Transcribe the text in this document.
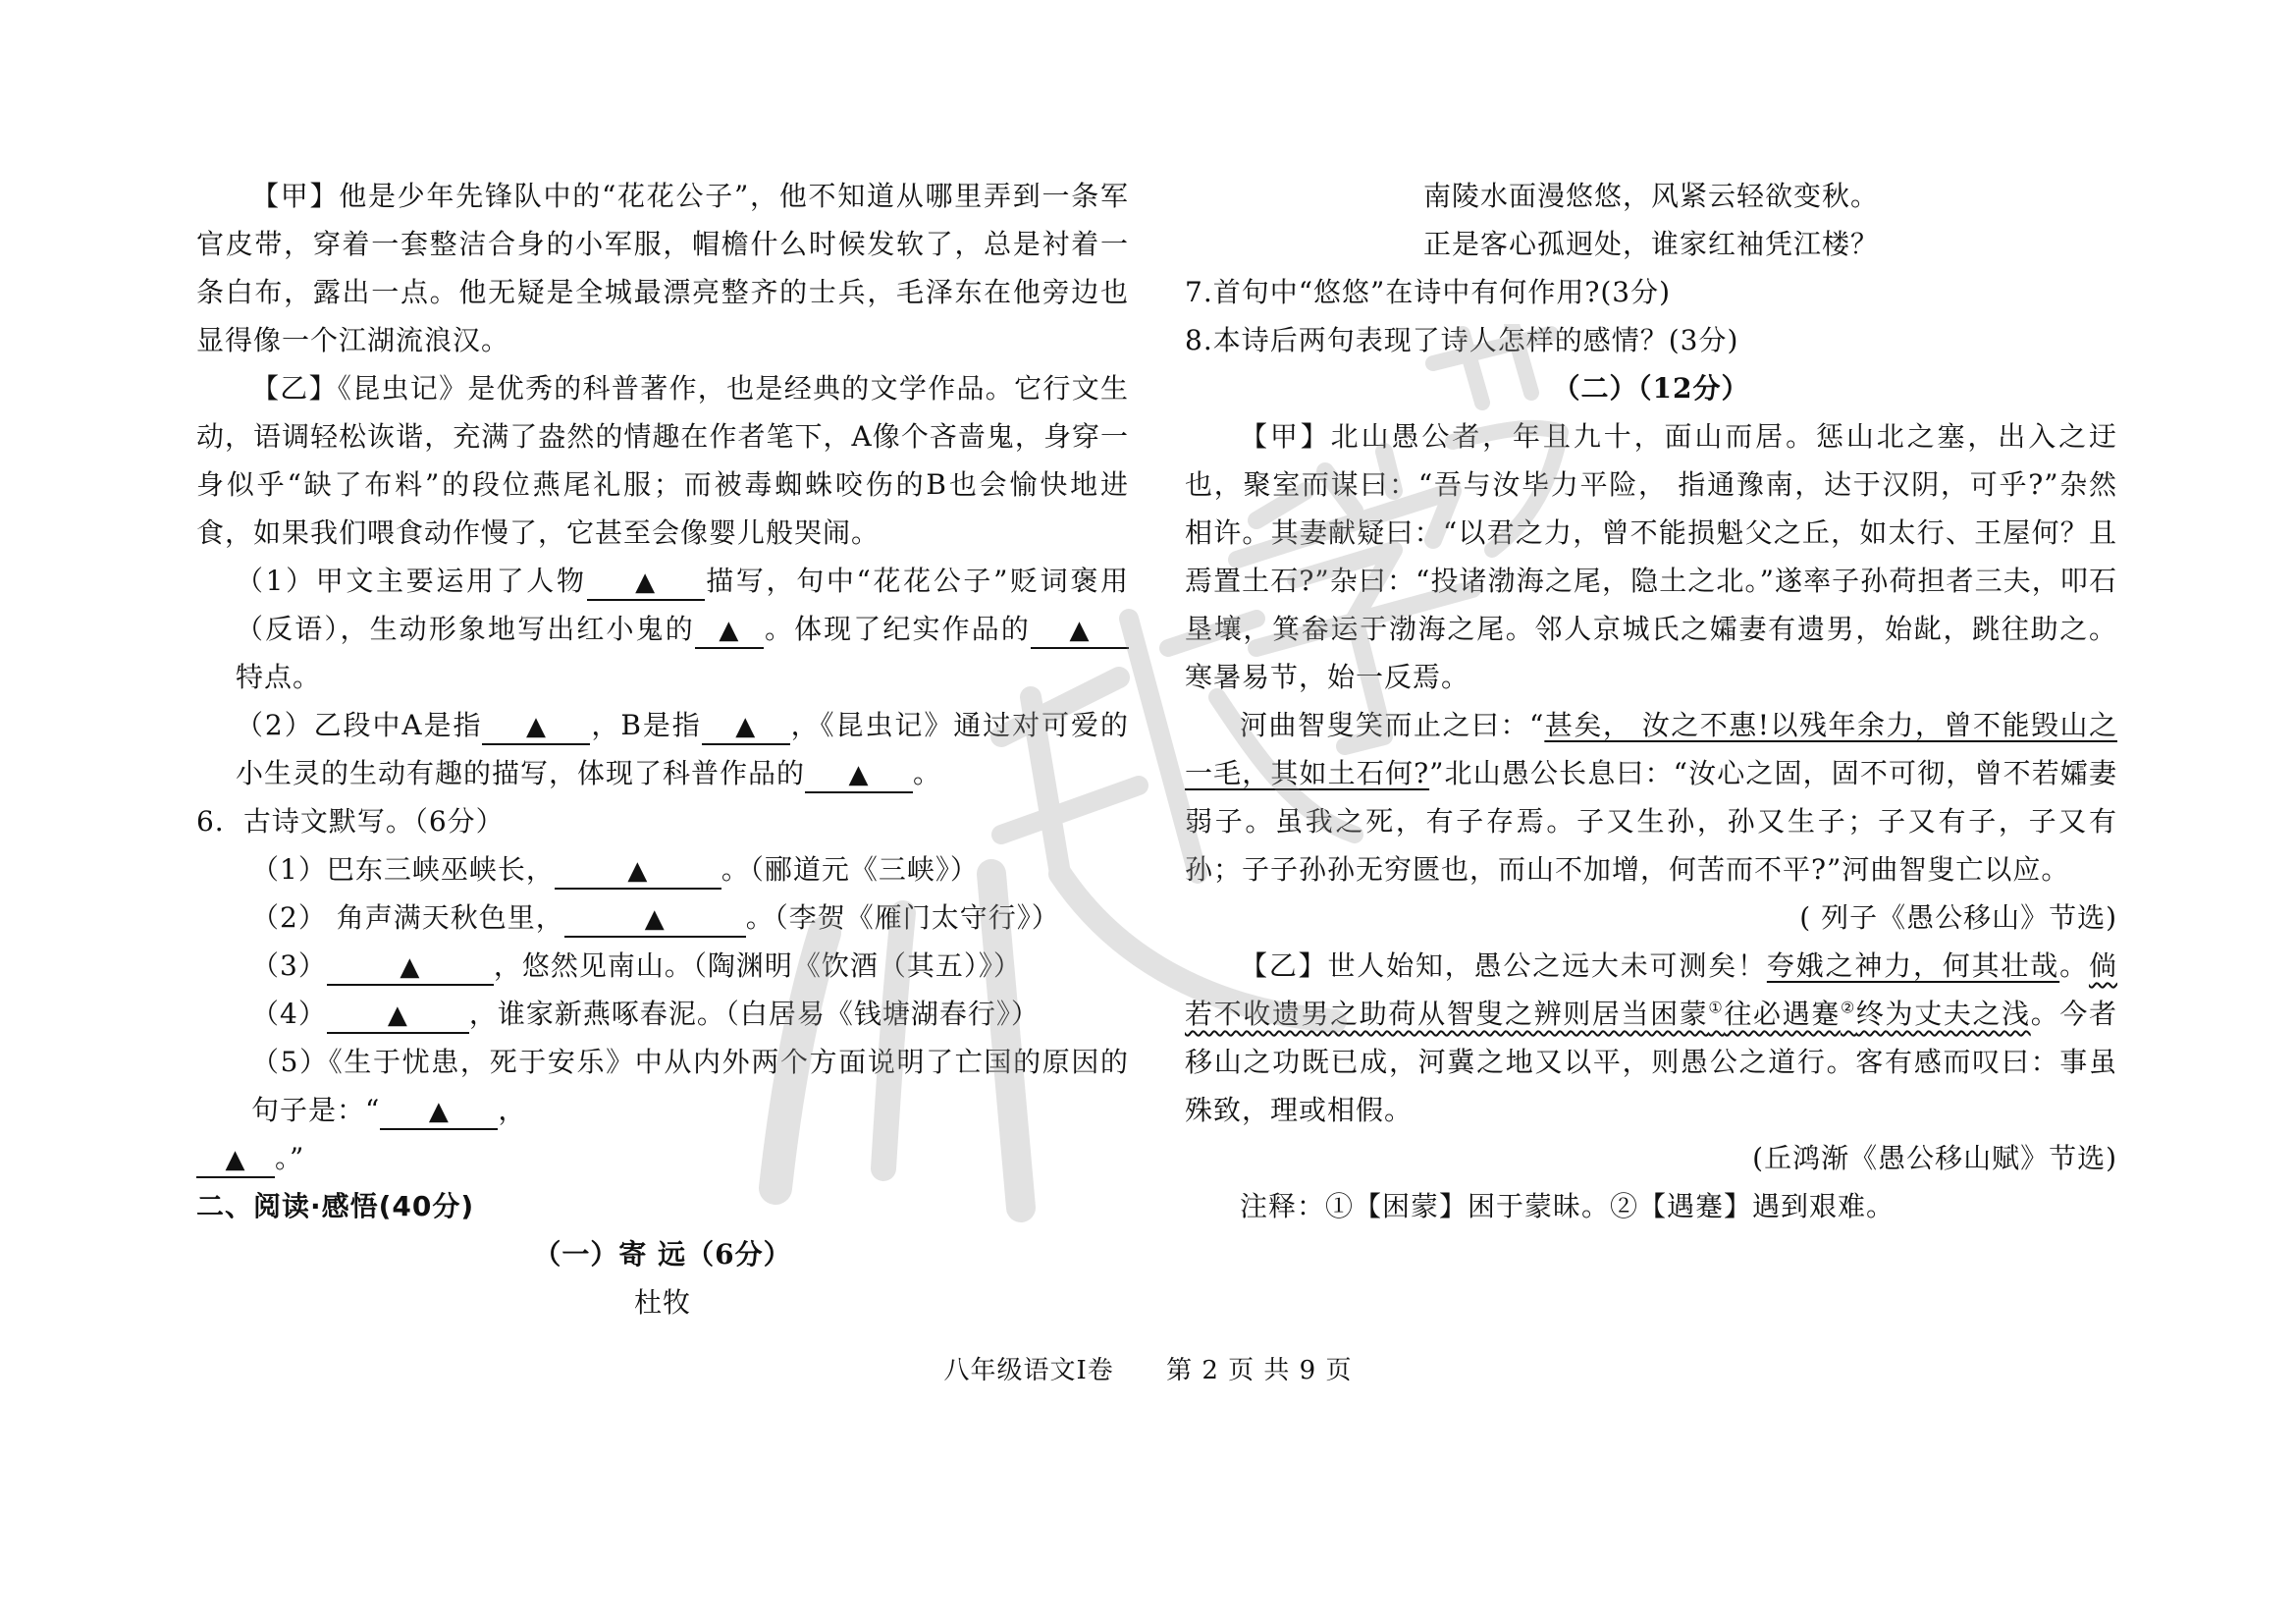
【甲】他是少年先锋队中的“花花公子”，他不知道从哪里弄到一条军官皮带，穿着一套整洁合身的小军服，帽檐什么时候发软了，总是衬着一条白布，露出一点。他无疑是全城最漂亮整齐的士兵，毛泽东在他旁边也显得像一个江湖流浪汉。

【乙】《昆虫记》是优秀的科普著作，也是经典的文学作品。它行文生动，语调轻松诙谐，充满了盎然的情趣在作者笔下，A像个吝啬鬼，身穿一身似乎“缺了布料”的段位燕尾礼服；而被毒蜘蛛咬伤的B也会愉快地进食，如果我们喂食动作慢了，它甚至会像婴儿般哭闹。

（1）甲文主要运用了人物 ▲ 描写，句中“花花公子”贬词褒用（反语），生动形象地写出红小鬼的 ▲ 。体现了纪实作品的 ▲特点。

（2）乙段中A是指 ▲ ，B是指 ▲ ，《昆虫记》通过对可爱的小生灵的生动有趣的描写，体现了科普作品的 ▲ 。

6．古诗文默写。（6分）

（1）巴东三峡巫峡长，	▲	。（郦道元《三峡》）

（2） 角声满天秋色里，	▲	。（李贺《雁门太守行》）

（3）	▲	，悠然见南山。（陶渊明《饮酒（其五）》）

（4） ▲ ，谁家新燕啄春泥。（白居易《钱塘湖春行》）

（5）《生于忧患，死于安乐》中从内外两个方面说明了亡国的原因的句子是：“ ▲ ，
▲ 。”

二、阅读·感悟(40分)

（一）寄 远（6分）

杜牧

南陵水面漫悠悠，风紧云轻欲变秋。

正是客心孤迥处，谁家红袖凭江楼？

7.首句中“悠悠”在诗中有何作用?(3分)

8.本诗后两句表现了诗人怎样的感情？(3分)

（二）（12分）

【甲】北山愚公者，年且九十，面山而居。惩山北之塞，出入之迂也，聚室而谋曰：“吾与汝毕力平险， 指通豫南，达于汉阴，可乎?”杂然相许。其妻献疑曰：“以君之力，曾不能损魁父之丘，如太行、王屋何？且焉置土石?”杂曰：“投诸渤海之尾，隐土之北。”遂率子孙荷担者三夫，叩石垦壤，箕畚运于渤海之尾。邻人京城氏之孀妻有遗男，始龀，跳往助之。寒暑易节，始一反焉。

河曲智叟笑而止之曰：“甚矣， 汝之不惠!以残年余力，曾不能毁山之一毛，其如土石何?”北山愚公长息曰：“汝心之固，固不可彻，曾不若孀妻弱子。虽我之死，有子存焉。子又生孙，孙又生子；子又有子，子又有孙；子子孙孙无穷匮也，而山不加增，何苦而不平?”河曲智叟亡以应。

( 列子《愚公移山》节选)

【乙】世人始知，愚公之远大未可测矣！夸娥之神力，何其壮哉。倘若不收遗男之助荷从智叟之辨则居当困蒙①往必遇蹇②终为丈夫之浅。今者移山之功既已成，河冀之地又以平，则愚公之道行。客有感而叹曰：事虽殊致，理或相假。

(丘鸿渐《愚公移山赋》节选)

注释：①【困蒙】困于蒙昧。②【遇蹇】遇到艰难。

八年级语文Ⅰ卷 第 2 页 共 9 页
